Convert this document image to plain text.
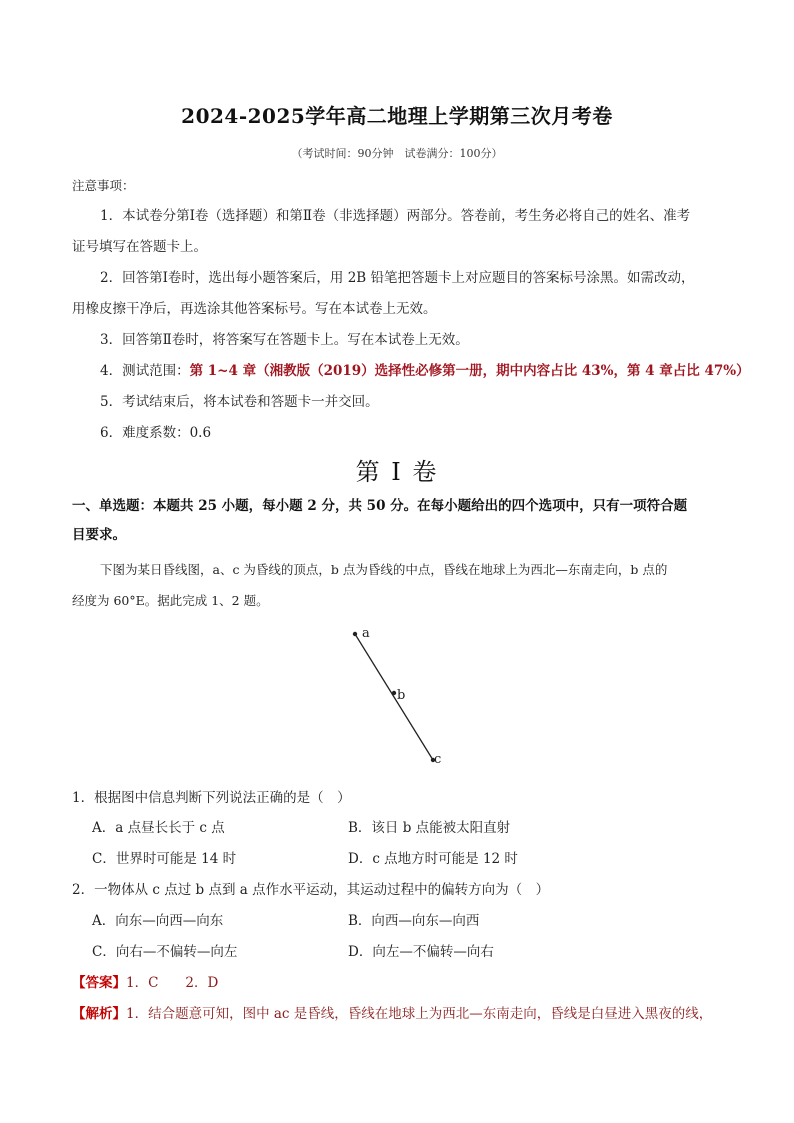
2024-2025学年高二地理上学期第三次月考卷
（考试时间：90分钟　试卷满分：100分）
注意事项：
1．本试卷分第Ⅰ卷（选择题）和第Ⅱ卷（非选择题）两部分。答卷前，考生务必将自己的姓名、准考
证号填写在答题卡上。
2．回答第Ⅰ卷时，选出每小题答案后，用 2B 铅笔把答题卡上对应题目的答案标号涂黑。如需改动，
用橡皮擦干净后，再选涂其他答案标号。写在本试卷上无效。
3．回答第Ⅱ卷时，将答案写在答题卡上。写在本试卷上无效。
4．测试范围：第 1~4 章（湘教版（2019）选择性必修第一册，期中内容占比 43%，第 4 章占比 47%）
5．考试结束后，将本试卷和答题卡一并交回。
6．难度系数：0.6
第 I 卷
一、单选题：本题共 25 小题，每小题 2 分，共 50 分。在每小题给出的四个选项中，只有一项符合题
目要求。
下图为某日昏线图，a、c 为昏线的顶点，b 点为昏线的中点，昏线在地球上为西北—东南走向，b 点的
经度为 60°E。据此完成 1、2 题。
a
b
c
1．根据图中信息判断下列说法正确的是（　）
A．a 点昼长长于 c 点	B．该日 b 点能被太阳直射
C．世界时可能是 14 时	D．c 点地方时可能是 12 时
2．一物体从 c 点过 b 点到 a 点作水平运动，其运动过程中的偏转方向为（　）
A．向东—向西—向东	B．向西—向东—向西
C．向右—不偏转—向左	D．向左—不偏转—向右
【答案】1．C　　2．D
【解析】1．结合题意可知，图中 ac 是昏线，昏线在地球上为西北—东南走向，昏线是白昼进入黑夜的线，
